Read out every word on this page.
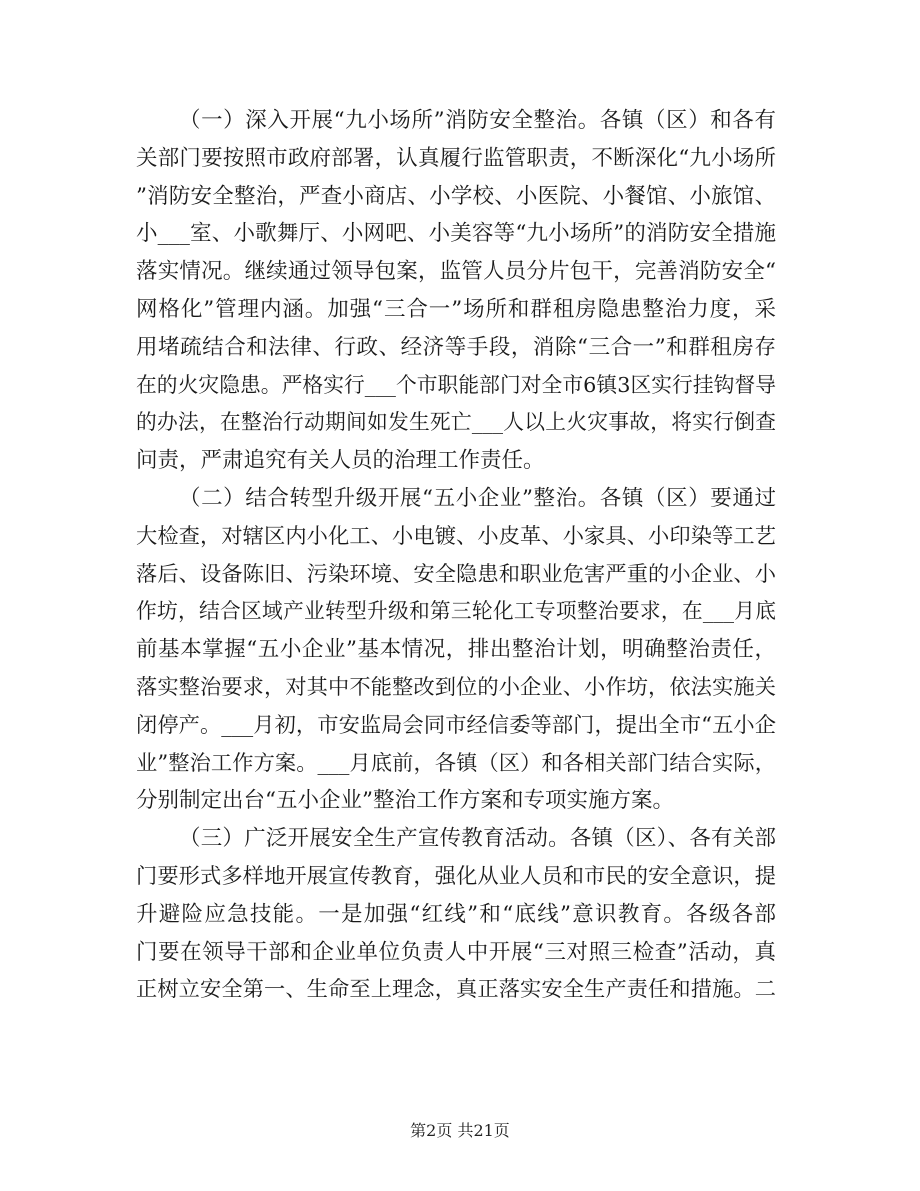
（一）深入开展“九小场所”消防安全整治。各镇（区）和各有
关部门要按照市政府部署，认真履行监管职责，不断深化“九小场所
”消防安全整治，严查小商店、小学校、小医院、小餐馆、小旅馆、
小___室、小歌舞厅、小网吧、小美容等“九小场所”的消防安全措施
落实情况。继续通过领导包案，监管人员分片包干，完善消防安全“
网格化”管理内涵。加强“三合一”场所和群租房隐患整治力度，采
用堵疏结合和法律、行政、经济等手段，消除“三合一”和群租房存
在的火灾隐患。严格实行___个市职能部门对全市6镇3区实行挂钩督导
的办法，在整治行动期间如发生死亡___人以上火灾事故，将实行倒查
问责，严肃追究有关人员的治理工作责任。
（二）结合转型升级开展“五小企业”整治。各镇（区）要通过
大检查，对辖区内小化工、小电镀、小皮革、小家具、小印染等工艺
落后、设备陈旧、污染环境、安全隐患和职业危害严重的小企业、小
作坊，结合区域产业转型升级和第三轮化工专项整治要求，在___月底
前基本掌握“五小企业”基本情况，排出整治计划，明确整治责任，
落实整治要求，对其中不能整改到位的小企业、小作坊，依法实施关
闭停产。___月初，市安监局会同市经信委等部门，提出全市“五小企
业”整治工作方案。___月底前，各镇（区）和各相关部门结合实际，
分别制定出台“五小企业”整治工作方案和专项实施方案。
（三）广泛开展安全生产宣传教育活动。各镇（区）、各有关部
门要形式多样地开展宣传教育，强化从业人员和市民的安全意识，提
升避险应急技能。一是加强“红线”和“底线”意识教育。各级各部
门要在领导干部和企业单位负责人中开展“三对照三检查”活动，真
正树立安全第一、生命至上理念，真正落实安全生产责任和措施。二
第2页 共21页
